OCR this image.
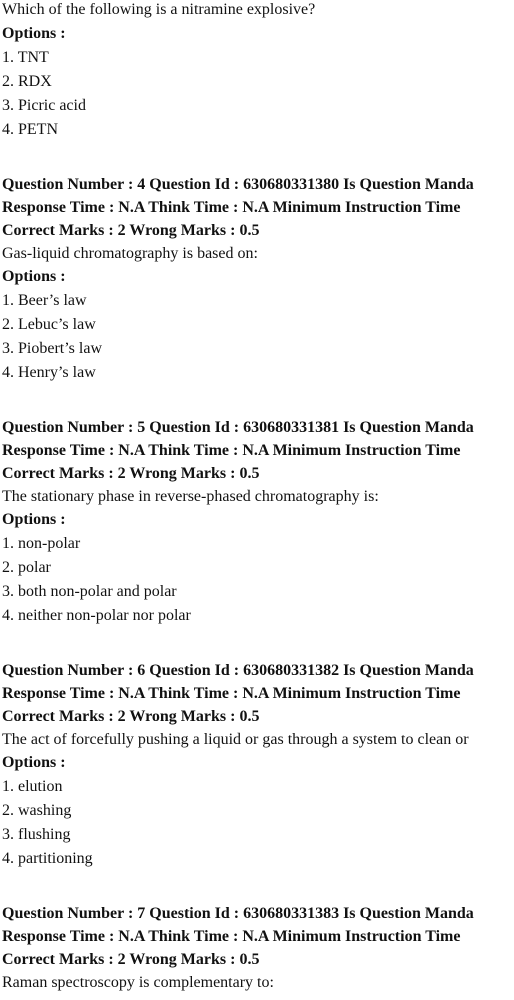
Which of the following is a nitramine explosive?
Options :
1. TNT
2. RDX
3. Picric acid
4. PETN
Question Number : 4 Question Id : 630680331380 Is Question Manda
Response Time : N.A Think Time : N.A Minimum Instruction Time
Correct Marks : 2 Wrong Marks : 0.5
Gas-liquid chromatography is based on:
Options :
1. Beer’s law
2. Lebuc’s law
3. Piobert’s law
4. Henry’s law
Question Number : 5 Question Id : 630680331381 Is Question Manda
Response Time : N.A Think Time : N.A Minimum Instruction Time
Correct Marks : 2 Wrong Marks : 0.5
The stationary phase in reverse-phased chromatography is:
Options :
1. non-polar
2. polar
3. both non-polar and polar
4. neither non-polar nor polar
Question Number : 6 Question Id : 630680331382 Is Question Manda
Response Time : N.A Think Time : N.A Minimum Instruction Time
Correct Marks : 2 Wrong Marks : 0.5
The act of forcefully pushing a liquid or gas through a system to clean or
Options :
1. elution
2. washing
3. flushing
4. partitioning
Question Number : 7 Question Id : 630680331383 Is Question Manda
Response Time : N.A Think Time : N.A Minimum Instruction Time
Correct Marks : 2 Wrong Marks : 0.5
Raman spectroscopy is complementary to:
